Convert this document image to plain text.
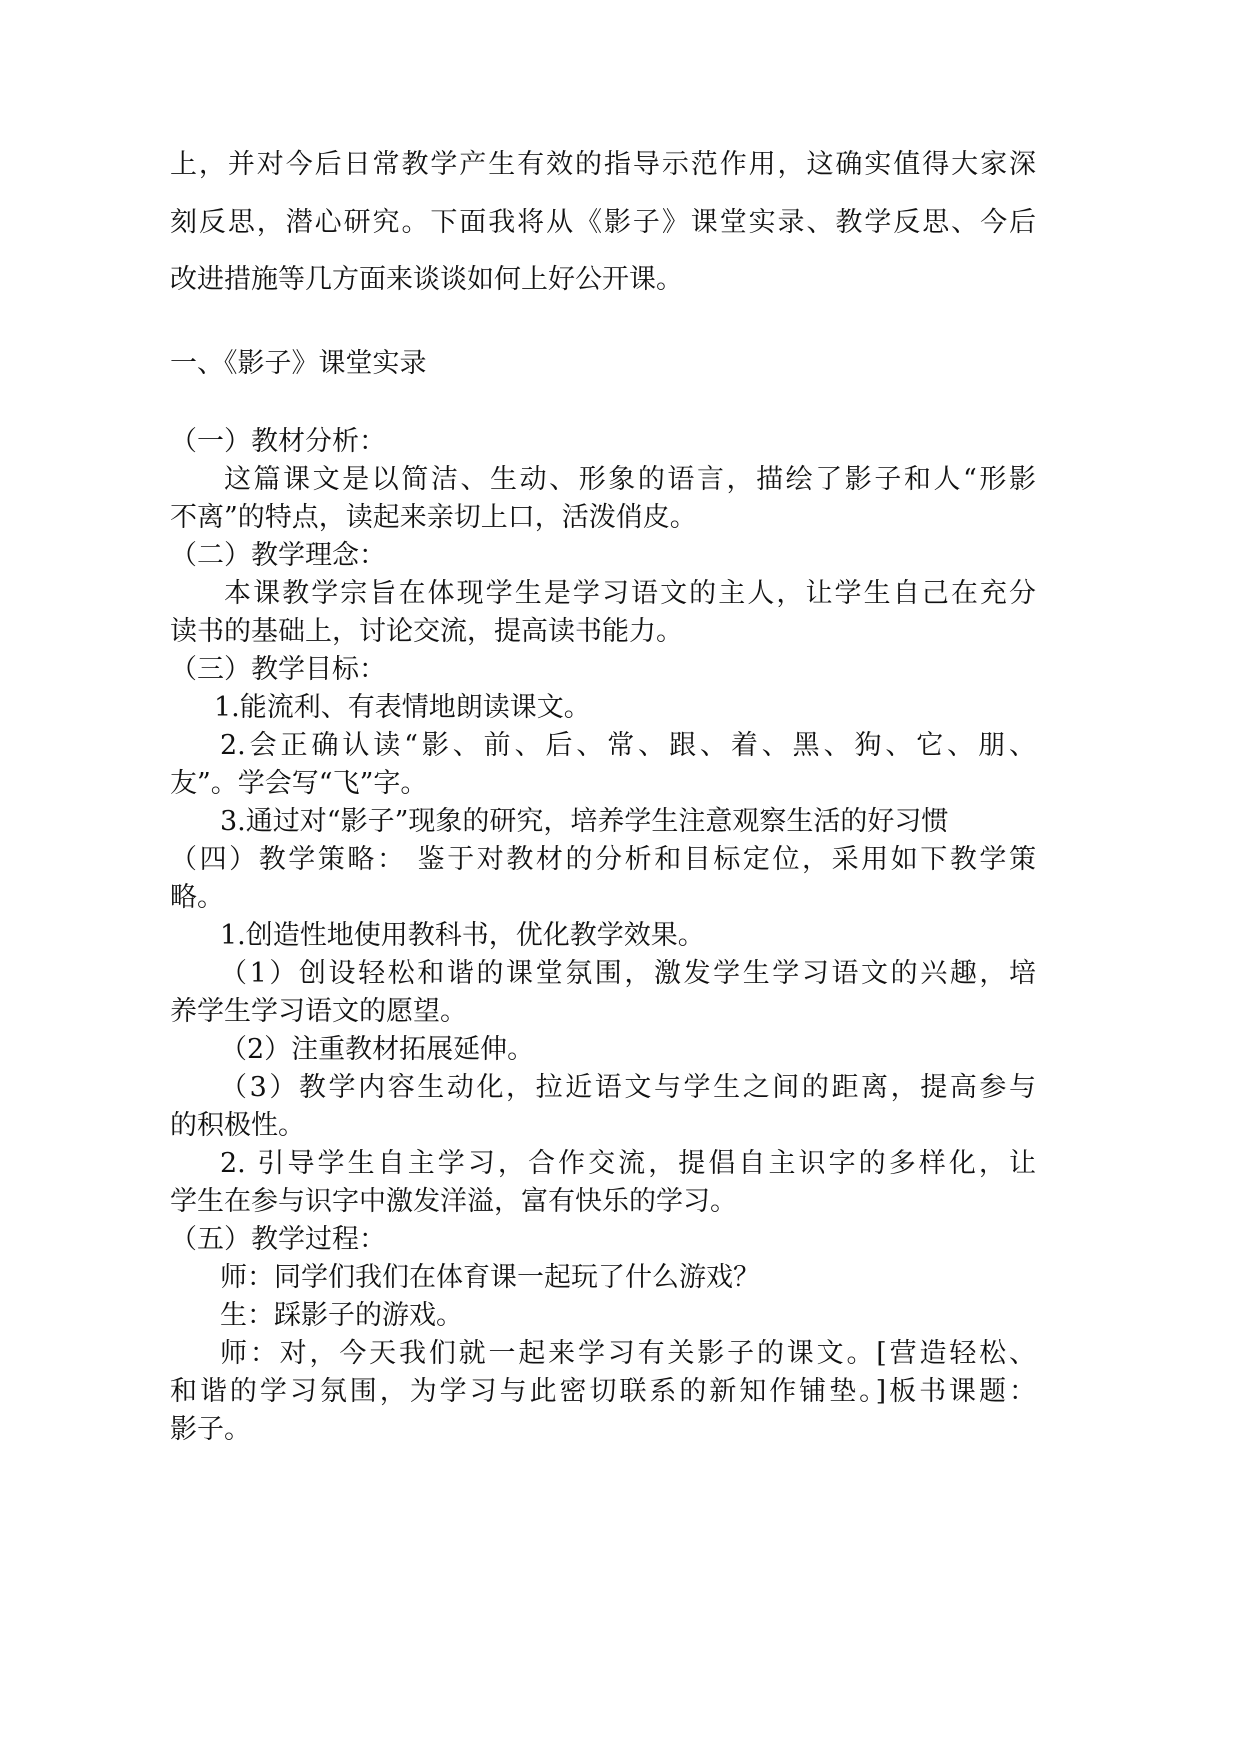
上，并对今后日常教学产生有效的指导示范作用，这确实值得大家深
刻反思，潜心研究。下面我将从《影子》课堂实录、教学反思、今后
改进措施等几方面来谈谈如何上好公开课。
一、《影子》课堂实录
（一）教材分析：
这篇课文是以简洁、生动、形象的语言，描绘了影子和人“形影
不离”的特点，读起来亲切上口，活泼俏皮。
（二）教学理念：
本课教学宗旨在体现学生是学习语文的主人，让学生自己在充分
读书的基础上，讨论交流，提高读书能力。
（三）教学目标：
1.能流利、有表情地朗读课文。
2.会正确认读“影、前、后、常、跟、着、黑、狗、它、朋、
友”。学会写“飞”字。
3.通过对“影子”现象的研究，培养学生注意观察生活的好习惯
（四）教学策略： 鉴于对教材的分析和目标定位，采用如下教学策
略。
1.创造性地使用教科书，优化教学效果。
（1）创设轻松和谐的课堂氛围，激发学生学习语文的兴趣，培
养学生学习语文的愿望。
（2）注重教材拓展延伸。
（3）教学内容生动化，拉近语文与学生之间的距离，提高参与
的积极性。
2. 引导学生自主学习，合作交流，提倡自主识字的多样化，让
学生在参与识字中激发洋溢，富有快乐的学习。
（五）教学过程：
师：同学们我们在体育课一起玩了什么游戏？
生：踩影子的游戏。
师：对，今天我们就一起来学习有关影子的课文。[营造轻松、
和谐的学习氛围，为学习与此密切联系的新知作铺垫。]板书课题：
影子。
